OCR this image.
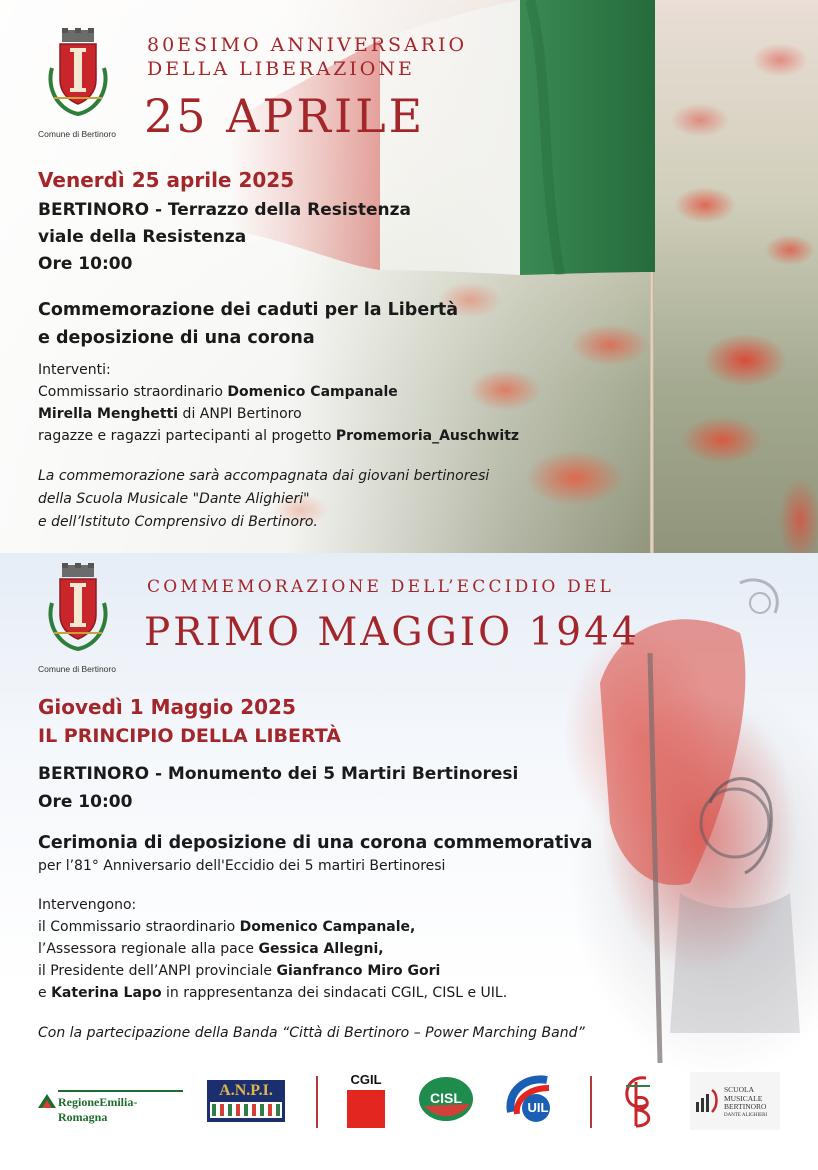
Comune di Bertinoro
80ESIMO ANNIVERSARIO
DELLA LIBERAZIONE
25 APRILE
Venerdì 25 aprile 2025
BERTINORO - Terrazzo della Resistenza
viale della Resistenza
Ore 10:00
Commemorazione dei caduti per la Libertà
e deposizione di una corona
Interventi:
Commissario straordinario Domenico Campanale
Mirella Menghetti di ANPI Bertinoro
ragazze e ragazzi partecipanti al progetto Promemoria_Auschwitz
La commemorazione sarà accompagnata dai giovani bertinoresi
della Scuola Musicale "Dante Alighieri"
e dell’Istituto Comprensivo di Bertinoro.
Comune di Bertinoro
COMMEMORAZIONE DELL’ECCIDIO DEL
PRIMO MAGGIO 1944
Giovedì 1 Maggio 2025
IL PRINCIPIO DELLA LIBERTÀ
BERTINORO - Monumento dei 5 Martiri Bertinoresi
Ore 10:00
Cerimonia di deposizione di una corona commemorativa
per l’81° Anniversario dell'Eccidio dei 5 martiri Bertinoresi
Intervengono:
il Commissario straordinario Domenico Campanale,
l’Assessora regionale alla pace Gessica Allegni,
il Presidente dell’ANPI provinciale Gianfranco Miro Gori
e Katerina Lapo in rappresentanza dei sindacati CGIL, CISL e UIL.
Con la partecipazione della Banda “Città di Bertinoro – Power Marching Band”
RegioneEmilia-Romagna
A.N.P.I.
CGIL
CISL
UIL
SCUOLA
MUSICALE
BERTINORO
DANTE ALIGHIERI
